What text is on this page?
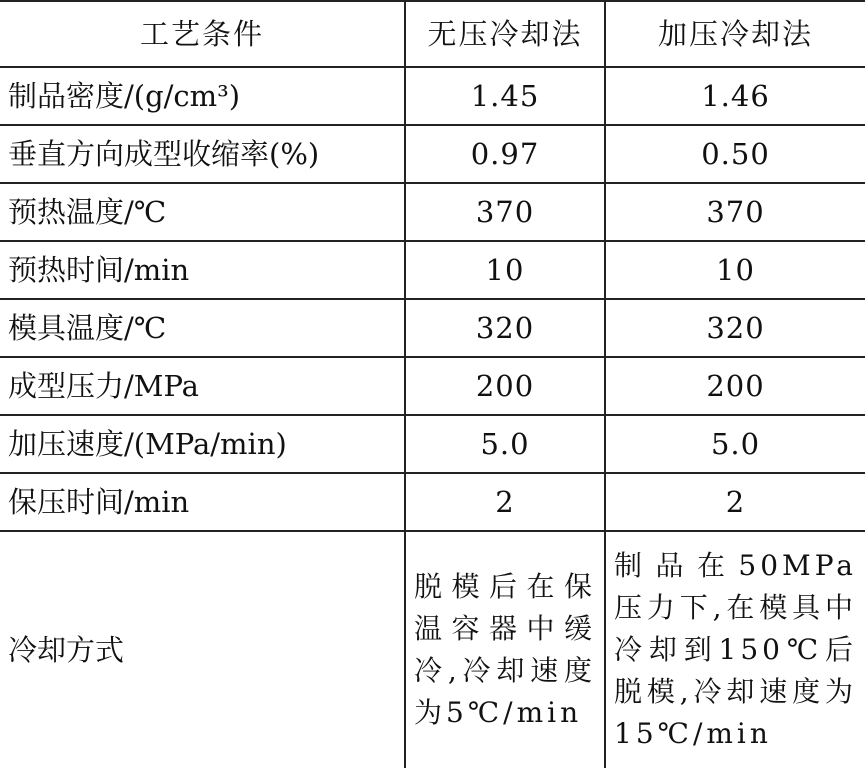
工艺条件	无压冷却法	加压冷却法
制品密度/(g/cm³)	1.45	1.46
垂直方向成型收缩率(%)	0.97	0.50
预热温度/℃	370	370
预热时间/min	10	10
模具温度/℃	320	320
成型压力/MPa	200	200
加压速度/(MPa/min)	5.0	5.0
保压时间/min	2	2
冷却方式	脱模后在保温容器中缓冷,冷却速度为5℃/min	制品在50MPa压力下,在模具中冷却到150℃后脱模,冷却速度为15℃/min
